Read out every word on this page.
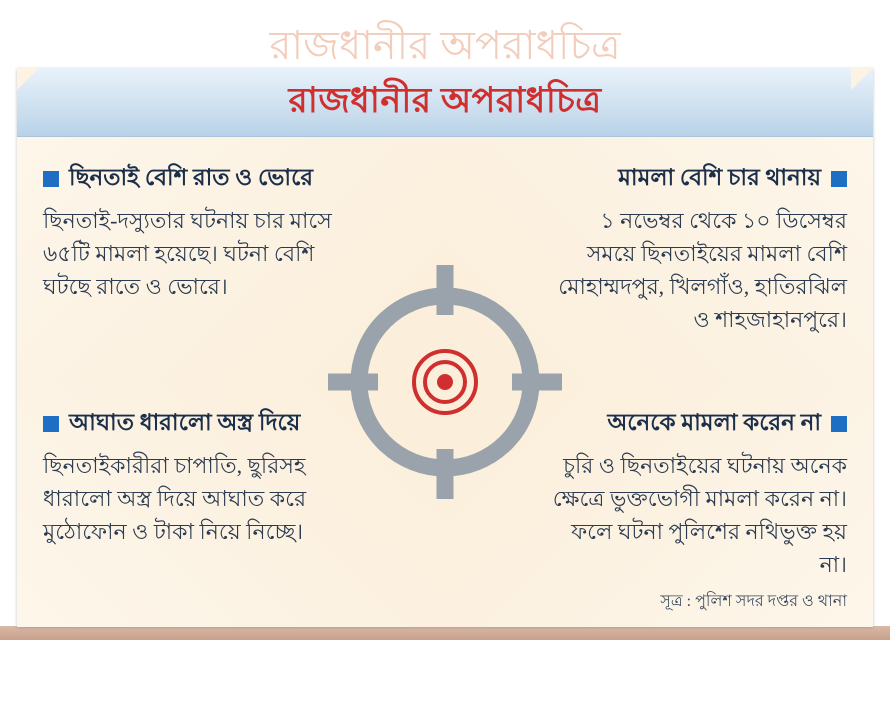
রাজধানীর অপরাধচিত্র
রাজধানীর অপরাধচিত্র
ছিনতাই বেশি রাত ও ভোরে
ছিনতাই-দস্যুতার ঘটনায় চার মাসে ৬৫টি মামলা হয়েছে। ঘটনা বেশি ঘটছে রাতে ও ভোরে।
মামলা বেশি চার থানায়
১ নভেম্বর থেকে ১০ ডিসেম্বর সময়ে ছিনতাইয়ের মামলা বেশি মোহাম্মদপুর, খিলগাঁও, হাতিরঝিল ও শাহজাহানপুরে।
আঘাত ধারালো অস্ত্র দিয়ে
ছিনতাইকারীরা চাপাতি, ছুরিসহ ধারালো অস্ত্র দিয়ে আঘাত করে মুঠোফোন ও টাকা নিয়ে নিচ্ছে।
অনেকে মামলা করেন না
চুরি ও ছিনতাইয়ের ঘটনায় অনেক ক্ষেত্রে ভুক্তভোগী মামলা করেন না। ফলে ঘটনা পুলিশের নথিভুক্ত হয় না।
সূত্র : পুলিশ সদর দপ্তর ও থানা
